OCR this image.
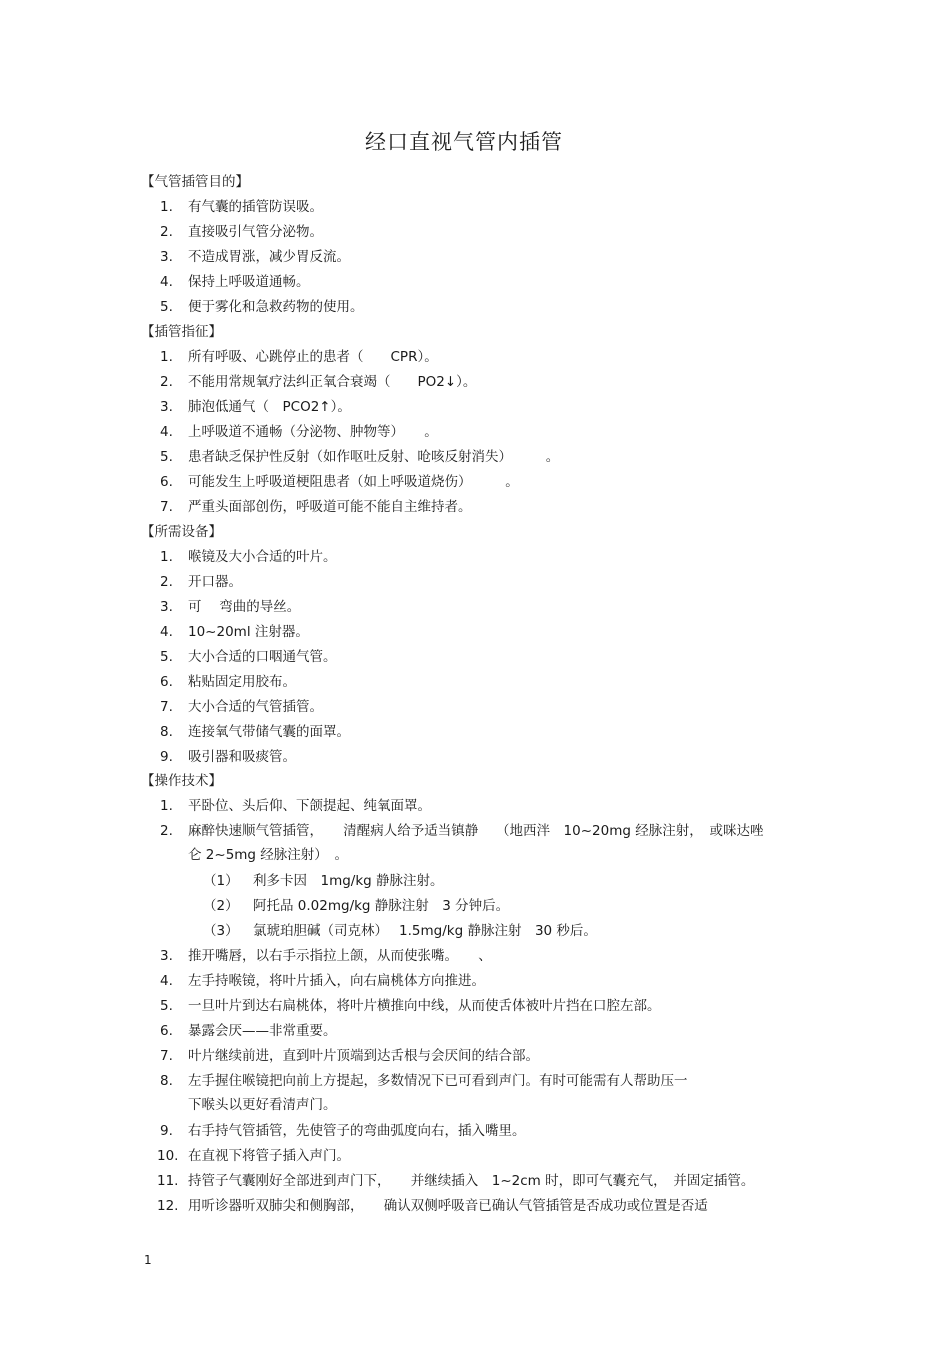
经口直视气管内插管
【气管插管目的】
1. 有气囊的插管防误吸。
2. 直接吸引气管分泌物。
3. 不造成胃涨，减少胃反流。
4. 保持上呼吸道通畅。
5. 便于雾化和急救药物的使用。
【插管指征】
1. 所有呼吸、心跳停止的患者（　　CPR）。
2. 不能用常规氧疗法纠正氧合衰竭（　　PO2↓）。
3. 肺泡低通气（　PCO2↑）。
4. 上呼吸道不通畅（分泌物、肿物等）　　。
5. 患者缺乏保护性反射（如作呕吐反射、呛咳反射消失）　　　。
6. 可能发生上呼吸道梗阻患者（如上呼吸道烧伤）　　　。
7. 严重头面部创伤，呼吸道可能不能自主维持者。
【所需设备】
1. 喉镜及大小合适的叶片。
2. 开口器。
3. 可　 弯曲的导丝。
4. 10~20ml 注射器。
5. 大小合适的口咽通气管。
6. 粘贴固定用胶布。
7. 大小合适的气管插管。
8. 连接氧气带储气囊的面罩。
9. 吸引器和吸痰管。
【操作技术】
1. 平卧位、头后仰、下颌提起、纯氧面罩。
2. 麻醉快速顺气管插管，　　清醒病人给予适当镇静　 （地西泮　10~20mg 经脉注射，　或咪达唑
仑 2~5mg 经脉注射）　。
（1） 利多卡因　1mg/kg 静脉注射。
（2） 阿托品 0.02mg/kg 静脉注射　3 分钟后。
（3） 氯琥珀胆碱（司克林）　 1.5mg/kg 静脉注射　30 秒后。
3. 推开嘴唇，以右手示指拉上颌，从而使张嘴。　　、
4. 左手持喉镜，将叶片插入，向右扁桃体方向推进。
5. 一旦叶片到达右扁桃体，将叶片横推向中线，从而使舌体被叶片挡在口腔左部。
6. 暴露会厌——非常重要。
7. 叶片继续前进，直到叶片顶端到达舌根与会厌间的结合部。
8. 左手握住喉镜把向前上方提起，多数情况下已可看到声门。有时可能需有人帮助压一
下喉头以更好看清声门。
9. 右手持气管插管，先使管子的弯曲弧度向右，插入嘴里。
10. 在直视下将管子插入声门。
11. 持管子气囊刚好全部进到声门下，　　并继续插入　1~2cm 时，即可气囊充气，　并固定插管。
12. 用听诊器听双肺尖和侧胸部，　　确认双侧呼吸音已确认气管插管是否成功或位置是否适
1
